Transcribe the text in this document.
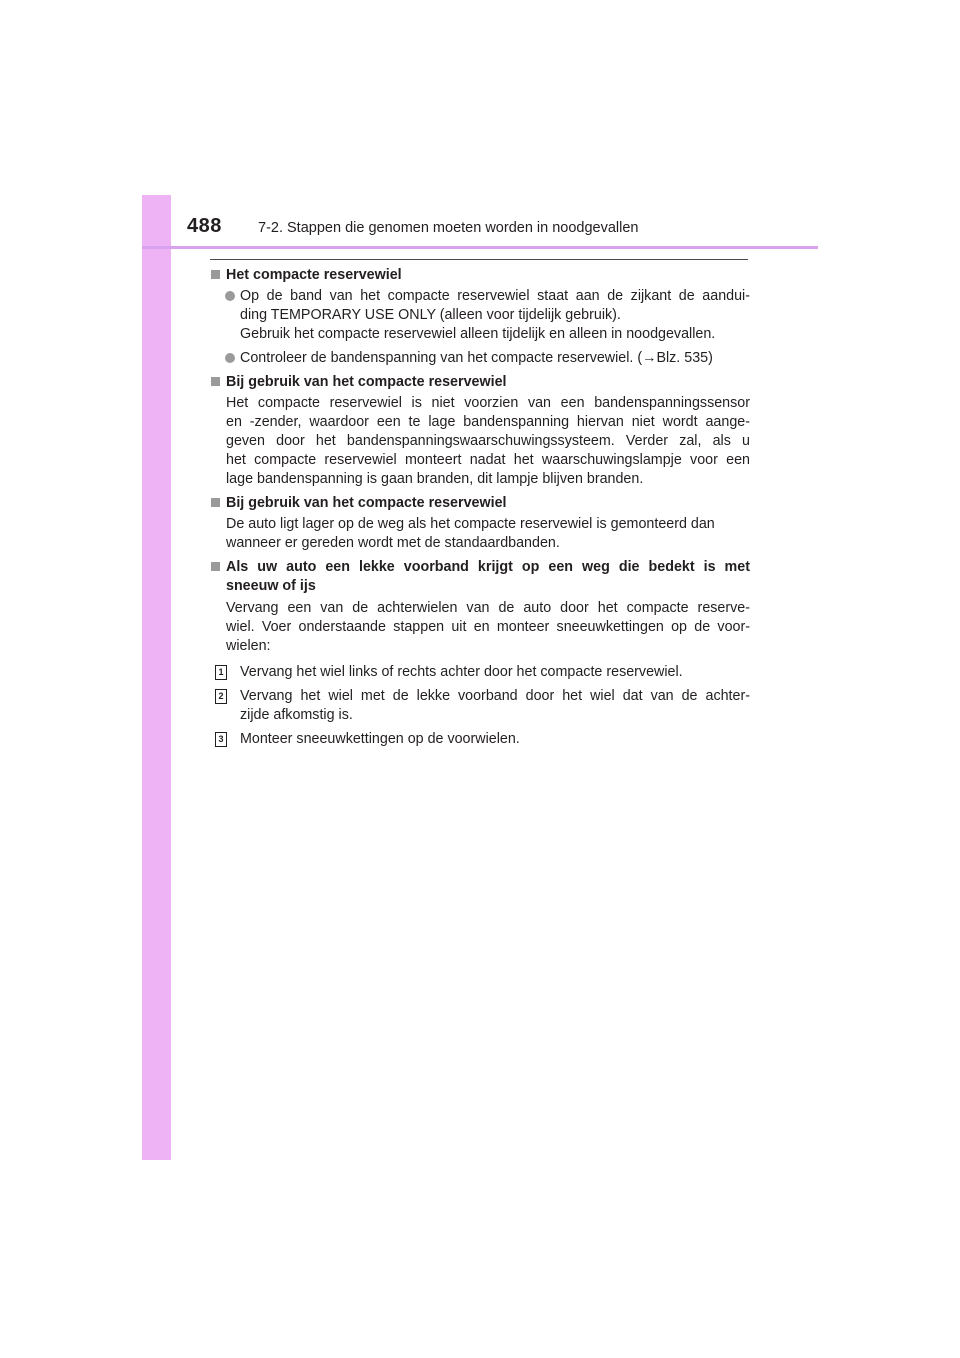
488 7-2. Stappen die genomen moeten worden in noodgevallen
Het compacte reservewiel
Op de band van het compacte reservewiel staat aan de zijkant de aandui-
ding TEMPORARY USE ONLY (alleen voor tijdelijk gebruik).
Gebruik het compacte reservewiel alleen tijdelijk en alleen in noodgevallen.
Controleer de bandenspanning van het compacte reservewiel. (→Blz. 535)
Bij gebruik van het compacte reservewiel
Het compacte reservewiel is niet voorzien van een bandenspanningssensor
en -zender, waardoor een te lage bandenspanning hiervan niet wordt aange-
geven door het bandenspanningswaarschuwingssysteem. Verder zal, als u
het compacte reservewiel monteert nadat het waarschuwingslampje voor een
lage bandenspanning is gaan branden, dit lampje blijven branden.
Bij gebruik van het compacte reservewiel
De auto ligt lager op de weg als het compacte reservewiel is gemonteerd dan
wanneer er gereden wordt met de standaardbanden.
Als uw auto een lekke voorband krijgt op een weg die bedekt is met
sneeuw of ijs
Vervang een van de achterwielen van de auto door het compacte reserve-
wiel. Voer onderstaande stappen uit en monteer sneeuwkettingen op de voor-
wielen:
1 Vervang het wiel links of rechts achter door het compacte reservewiel.
2 Vervang het wiel met de lekke voorband door het wiel dat van de achter-
zijde afkomstig is.
3 Monteer sneeuwkettingen op de voorwielen.
